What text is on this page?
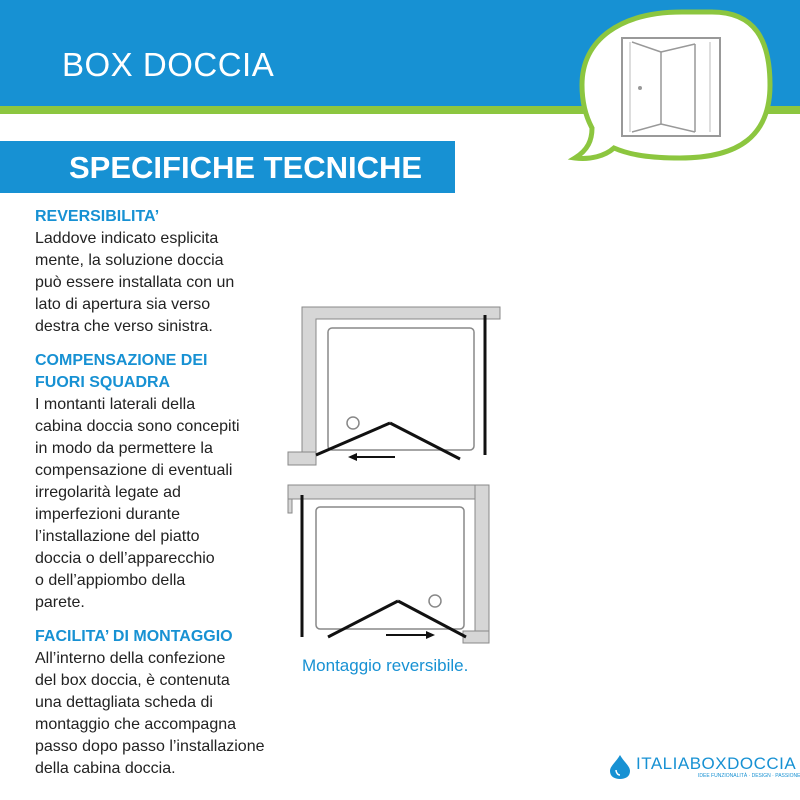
BOX DOCCIA
SPECIFICHE TECNICHE

REVERSIBILITA’

Laddove indicato esplicita
mente, la soluzione doccia
può essere installata con un
lato di apertura sia verso
destra che verso sinistra.

COMPENSAZIONE DEI
FUORI SQUADRA

I montanti laterali della
cabina doccia sono concepiti
in modo da permettere la
compensazione di eventuali
irregolarità legate ad
imperfezioni durante
l’installazione del piatto
doccia o dell’apparecchio
o dell’appiombo della
parete.

FACILITA’ DI MONTAGGIO

All’interno della confezione
del box doccia, è contenuta
una dettagliata scheda di
montaggio che accompagna
passo dopo passo l’installazione
della cabina doccia.

Montaggio reversibile.
ITALIABOXDOCCIA
IDEE FUNZIONALITÀ · DESIGN · PASSIONE
